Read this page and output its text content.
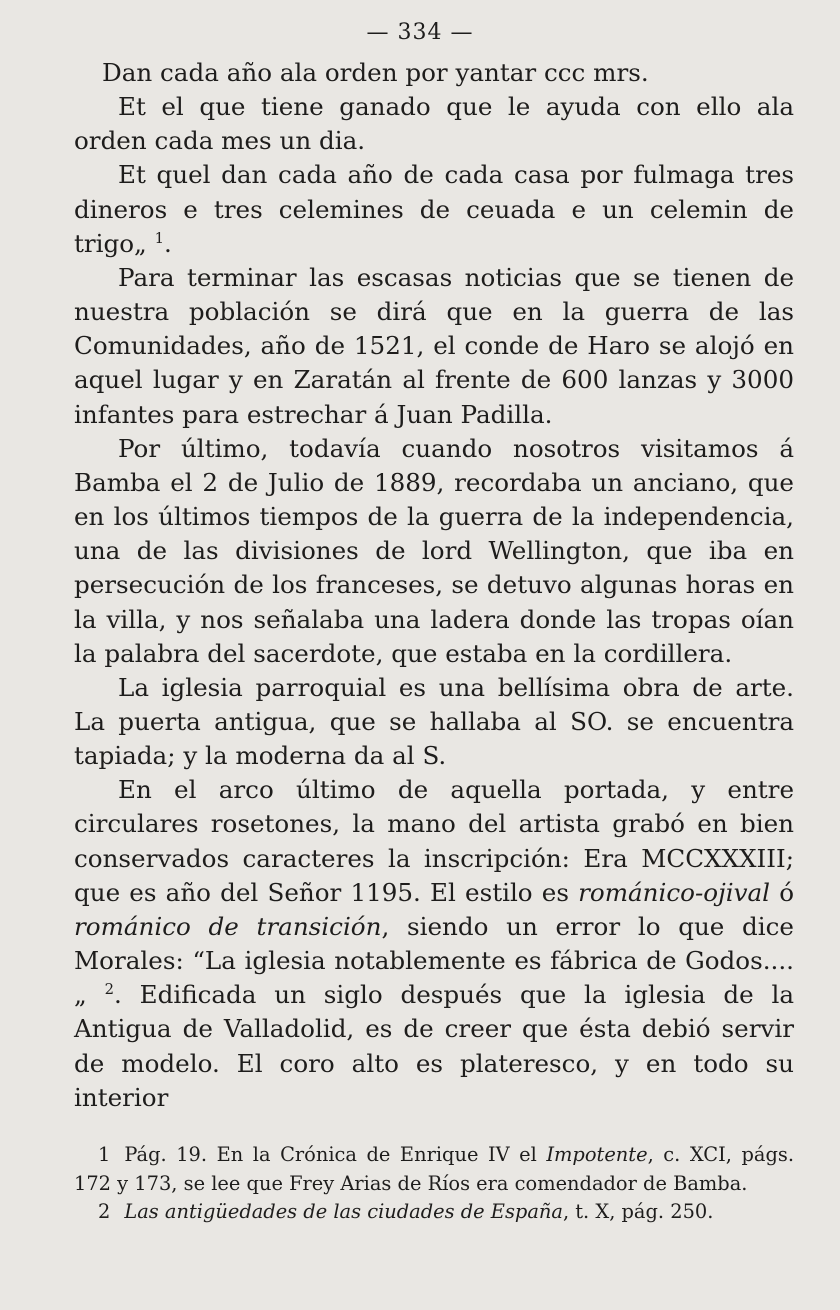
— 334 —

Dan cada año ala orden por yantar ccc mrs.

Et el que tiene ganado que le ayuda con ello ala orden cada mes un dia.

Et quel dan cada año de cada casa por fulmaga tres dineros e tres celemines de ceuada e un celemin de trigo„ $^1$.

Para terminar las escasas noticias que se tienen de nuestra población se dirá que en la guerra de las Comunidades, año de 1521, el conde de Haro se alojó en aquel lugar y en Zaratán al frente de 600 lanzas y 3000 infantes para estrechar á Juan Padilla.

Por último, todavía cuando nosotros visitamos á Bamba el 2 de Julio de 1889, recordaba un anciano, que en los últimos tiempos de la guerra de la independencia, una de las divisiones de lord Wellington, que iba en persecución de los franceses, se detuvo algunas horas en la villa, y nos señalaba una ladera donde las tropas oían la palabra del sacerdote, que estaba en la cordillera.

La iglesia parroquial es una bellísima obra de arte. La puerta antigua, que se hallaba al SO. se encuentra tapiada; y la moderna da al S.

En el arco último de aquella portada, y entre circulares rosetones, la mano del artista grabó en bien conservados caracteres la inscripción: Era MCCXXXIII; que es año del Señor 1195. El estilo es románico-ojival ó románico de transición, siendo un error lo que dice Morales: “La iglesia notablemente es fábrica de Godos....„ $^2$. Edificada un siglo después que la iglesia de la Antigua de Valladolid, es de creer que ésta debió servir de modelo. El coro alto es plateresco, y en todo su interior

1 Pág. 19. En la Crónica de Enrique IV el Impotente, c. XCI, págs. 172 y 173, se lee que Frey Arias de Ríos era comendador de Bamba.

2 Las antigüedades de las ciudades de España, t. X, pág. 250.
